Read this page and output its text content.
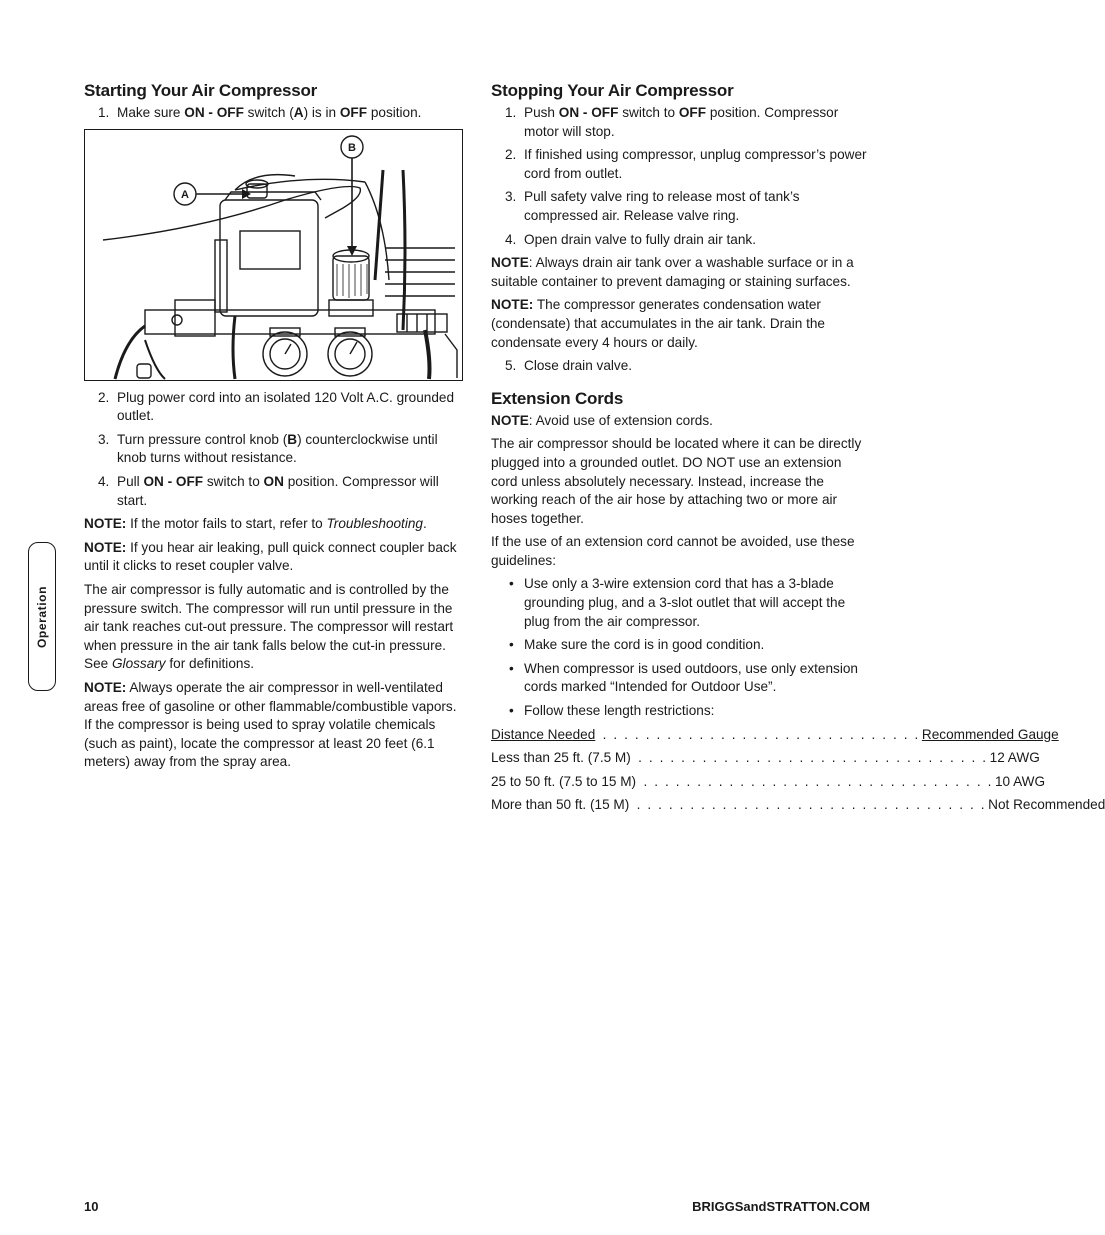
Operation
Starting Your Air Compressor
1. Make sure ON - OFF switch (A) is in OFF position.
A
B
2. Plug power cord into an isolated 120 Volt A.C. grounded outlet.
3. Turn pressure control knob (B) counterclockwise until knob turns without resistance.
4. Pull ON - OFF switch to ON position. Compressor will start.

NOTE: If the motor fails to start, refer to Troubleshooting.

NOTE: If you hear air leaking, pull quick connect coupler back until it clicks to reset coupler valve.

The air compressor is fully automatic and is controlled by the pressure switch. The compressor will run until pressure in the air tank reaches cut-out pressure. The compressor will restart when pressure in the air tank falls below the cut-in pressure. See Glossary for definitions.

NOTE: Always operate the air compressor in well-ventilated areas free of gasoline or other flammable/combustible vapors. If the compressor is being used to spray volatile chemicals (such as paint), locate the compressor at least 20 feet (6.1 meters) away from the spray area.

Stopping Your Air Compressor
1. Push ON - OFF switch to OFF position. Compressor motor will stop.
2. If finished using compressor, unplug compressor’s power cord from outlet.
3. Pull safety valve ring to release most of tank’s compressed air. Release valve ring.
4. Open drain valve to fully drain air tank.

NOTE: Always drain air tank over a washable surface or in a suitable container to prevent damaging or staining surfaces.

NOTE: The compressor generates condensation water (condensate) that accumulates in the air tank. Drain the condensate every 4 hours or daily.

5. Close drain valve.
Extension Cords

NOTE: Avoid use of extension cords.

The air compressor should be located where it can be directly plugged into a grounded outlet. DO NOT use an extension cord unless absolutely necessary. Instead, increase the working reach of the air hose by attaching two or more air hoses together.

If the use of an extension cord cannot be avoided, use these guidelines:

• Use only a 3-wire extension cord that has a 3-blade grounding plug, and a 3-slot outlet that will accept the plug from the air compressor.
• Make sure the cord is in good condition.
• When compressor is used outdoors, use only extension cords marked “Intended for Outdoor Use”.
• Follow these length restrictions:
Distance Needed . . . . . . . . . . . . . . . . . . . . . . . . . . . . . . Recommended Gauge
Less than 25 ft. (7.5 M) . . . . . . . . . . . . . . . . . . . . . . . . . . . . . . . . . 12 AWG
25 to 50 ft. (7.5 to 15 M) . . . . . . . . . . . . . . . . . . . . . . . . . . . . . . . . . 10 AWG
More than 50 ft. (15 M) . . . . . . . . . . . . . . . . . . . . . . . . . . . . . . . . . Not Recommended
10	BRIGGSandSTRATTON.COM
